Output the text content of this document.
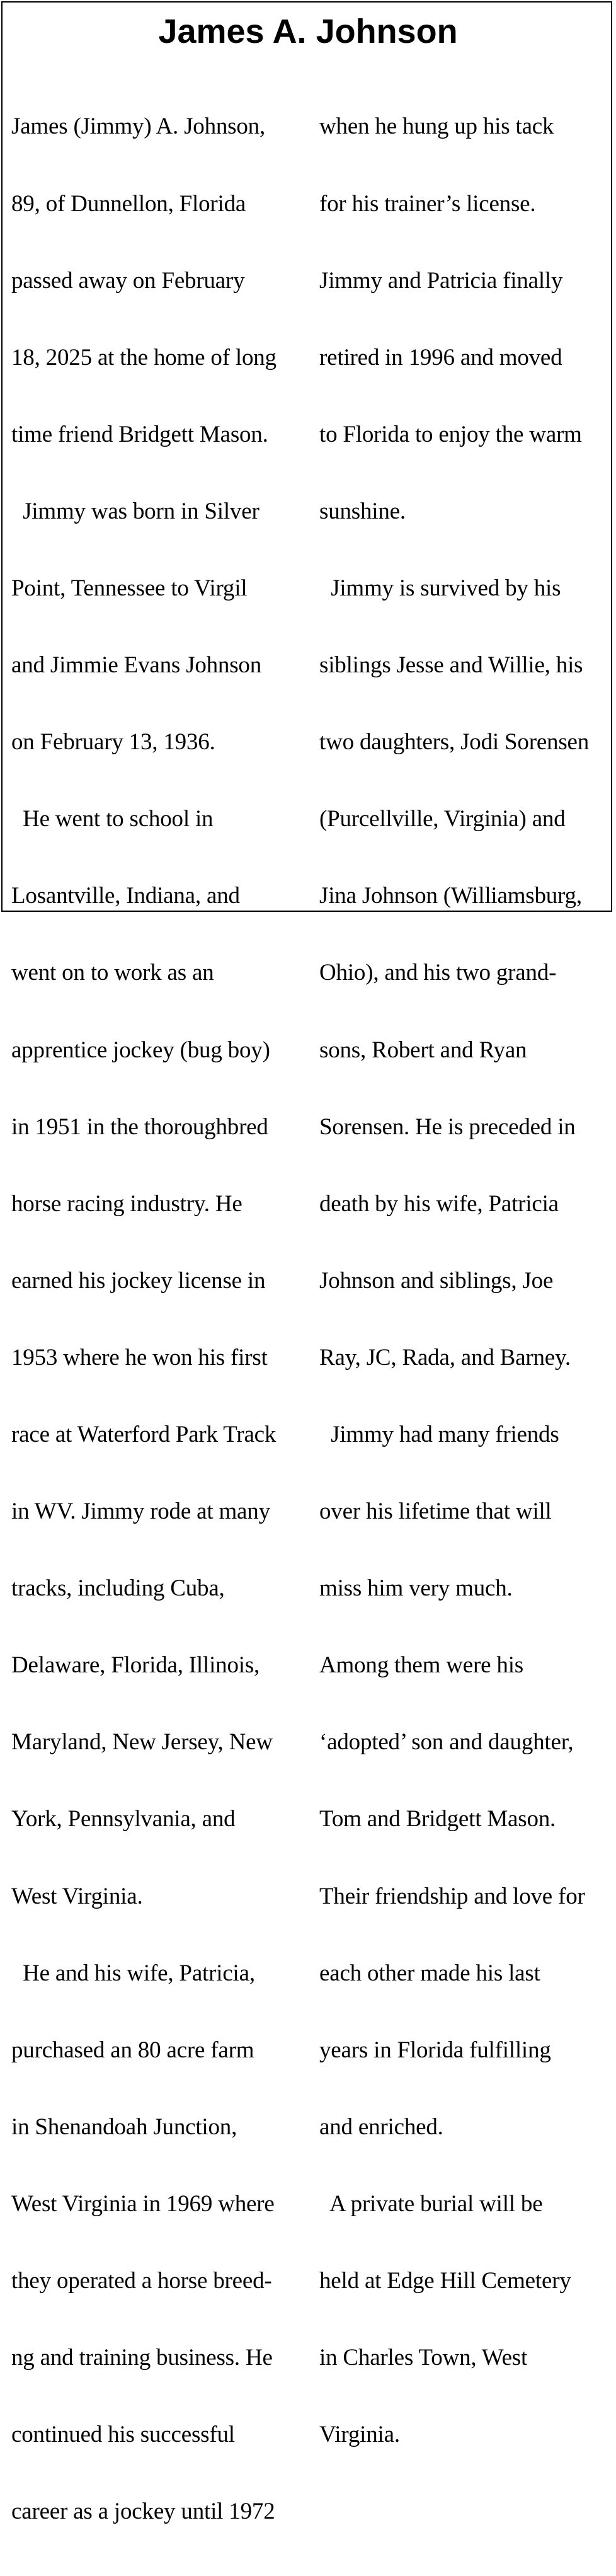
James A. Johnson

James (Jimmy) A. Johnson,

89, of Dunnellon, Florida

passed away on February

18, 2025 at the home of long

time friend Bridgett Mason.

Jimmy was born in Silver

Point, Tennessee to Virgil

and Jimmie Evans Johnson

on February 13, 1936.

He went to school in

Losantville, Indiana, and

went on to work as an

apprentice jockey (bug boy)

in 1951 in the thoroughbred

horse racing industry. He

earned his jockey license in

1953 where he won his first

race at Waterford Park Track

in WV. Jimmy rode at many

tracks, including Cuba,

Delaware, Florida, Illinois,

Maryland, New Jersey, New

York, Pennsylvania, and

West Virginia.

He and his wife, Patricia,

purchased an 80 acre farm

in Shenandoah Junction,

West Virginia in 1969 where

they operated a horse breed-

ng and training business. He

continued his successful

career as a jockey until 1972

when he hung up his tack

for his trainer’s license.

Jimmy and Patricia finally

retired in 1996 and moved

to Florida to enjoy the warm

sunshine.

Jimmy is survived by his

siblings Jesse and Willie, his

two daughters, Jodi Sorensen

(Purcellville, Virginia) and

Jina Johnson (Williamsburg,

Ohio), and his two grand-

sons, Robert and Ryan

Sorensen. He is preceded in

death by his wife, Patricia

Johnson and siblings, Joe

Ray, JC, Rada, and Barney.

Jimmy had many friends

over his lifetime that will

miss him very much.

Among them were his

‘adopted’ son and daughter,

Tom and Bridgett Mason.

Their friendship and love for

each other made his last

years in Florida fulfilling

and enriched.

A private burial will be

held at Edge Hill Cemetery

in Charles Town, West

Virginia.
